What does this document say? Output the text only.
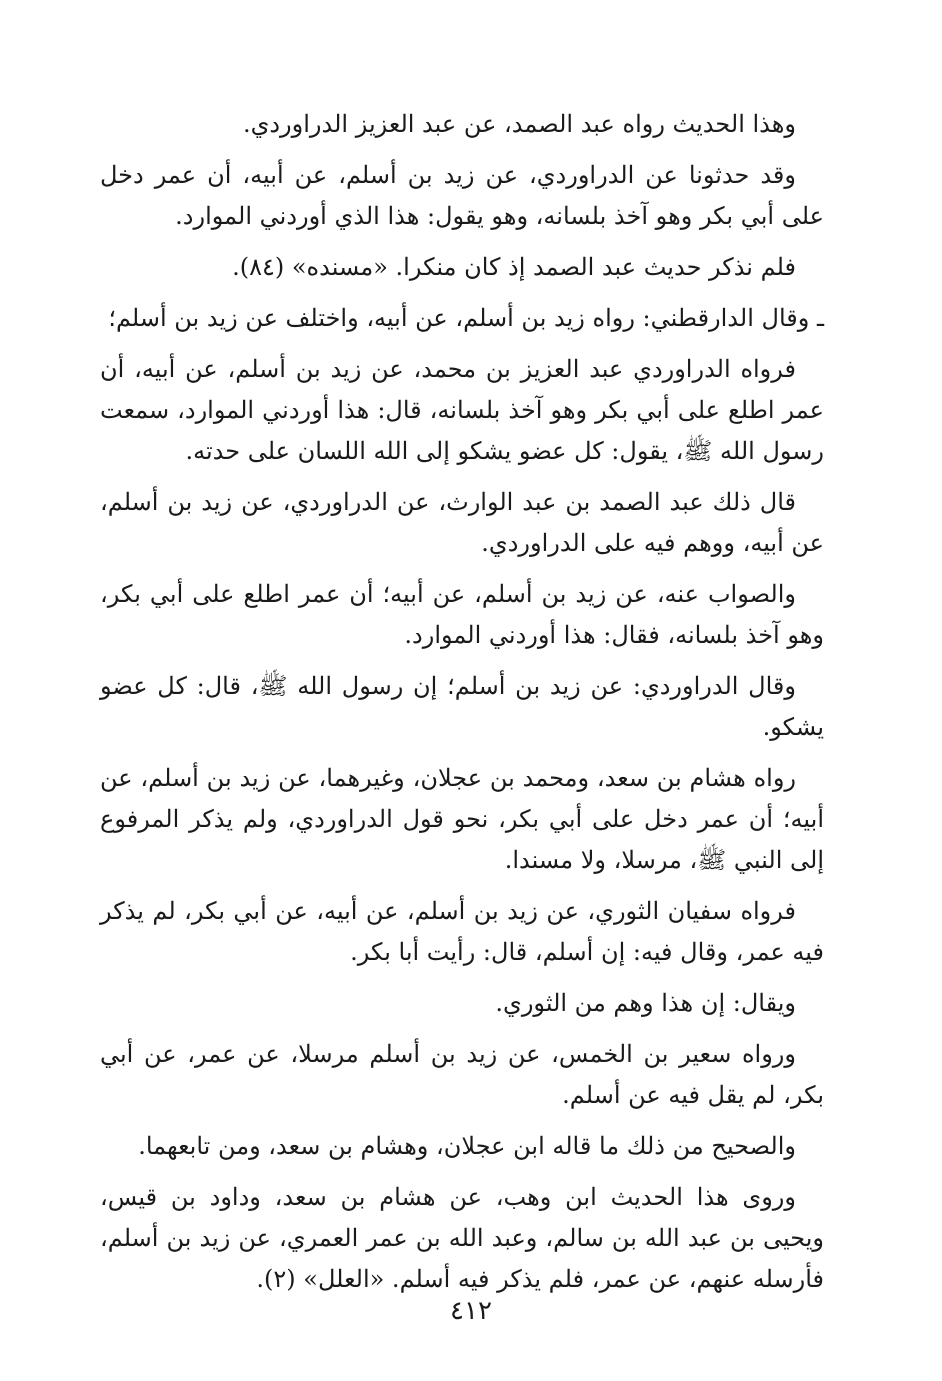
وهذا الحديث رواه عبد الصمد، عن عبد العزيز الدراوردي.

وقد حدثونا عن الدراوردي، عن زيد بن أسلم، عن أبيه، أن عمر دخل على أبي بكر وهو آخذ بلسانه، وهو يقول: هذا الذي أوردني الموارد.

فلم نذكر حديث عبد الصمد إذ كان منكرا. «مسنده» (٨٤).

ـ وقال الدارقطني: رواه زيد بن أسلم، عن أبيه، واختلف عن زيد بن أسلم؛

فرواه الدراوردي عبد العزيز بن محمد، عن زيد بن أسلم، عن أبيه، أن عمر اطلع على أبي بكر وهو آخذ بلسانه، قال: هذا أوردني الموارد، سمعت رسول الله ﷺ، يقول: كل عضو يشكو إلى الله اللسان على حدته.

قال ذلك عبد الصمد بن عبد الوارث، عن الدراوردي، عن زيد بن أسلم، عن أبيه، ووهم فيه على الدراوردي.

والصواب عنه، عن زيد بن أسلم، عن أبيه؛ أن عمر اطلع على أبي بكر، وهو آخذ بلسانه، فقال: هذا أوردني الموارد.

وقال الدراوردي: عن زيد بن أسلم؛ إن رسول الله ﷺ، قال: كل عضو يشكو.

رواه هشام بن سعد، ومحمد بن عجلان، وغيرهما، عن زيد بن أسلم، عن أبيه؛ أن عمر دخل على أبي بكر، نحو قول الدراوردي، ولم يذكر المرفوع إلى النبي ﷺ، مرسلا، ولا مسندا.

فرواه سفيان الثوري، عن زيد بن أسلم، عن أبيه، عن أبي بكر، لم يذكر فيه عمر، وقال فيه: إن أسلم، قال: رأيت أبا بكر.

ويقال: إن هذا وهم من الثوري.

ورواه سعير بن الخمس، عن زيد بن أسلم مرسلا، عن عمر، عن أبي بكر، لم يقل فيه عن أسلم.

والصحيح من ذلك ما قاله ابن عجلان، وهشام بن سعد، ومن تابعهما.

وروى هذا الحديث ابن وهب، عن هشام بن سعد، وداود بن قيس، ويحيى بن عبد الله بن سالم، وعبد الله بن عمر العمري، عن زيد بن أسلم، فأرسله عنهم، عن عمر، فلم يذكر فيه أسلم. «العلل» (٢).

٤١٢
